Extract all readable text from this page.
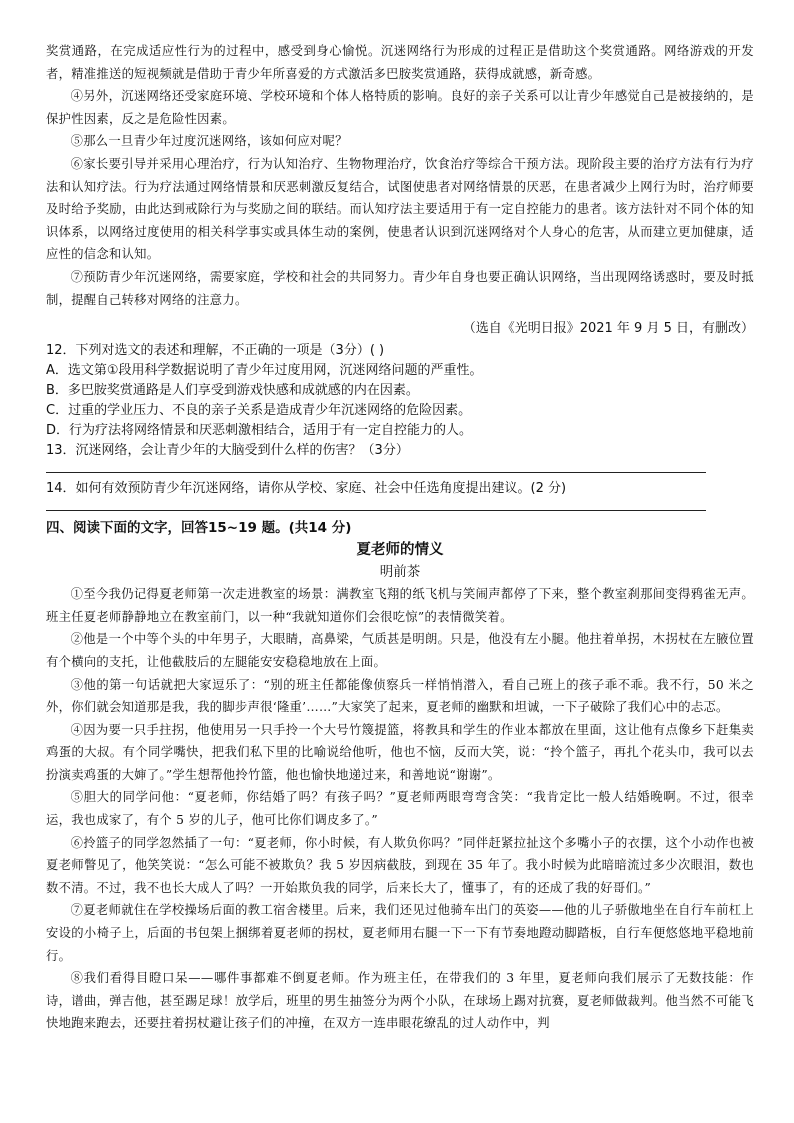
奖赏通路，在完成适应性行为的过程中，感受到身心愉悦。沉迷网络行为形成的过程正是借助这个奖赏通路。网络游戏的开发者，精准推送的短视频就是借助于青少年所喜爱的方式激活多巴胺奖赏通路，获得成就感，新奇感。

④另外，沉迷网络还受家庭环境、学校环境和个体人格特质的影响。良好的亲子关系可以让青少年感觉自己是被接纳的，是保护性因素，反之是危险性因素。

⑤那么一旦青少年过度沉迷网络，该如何应对呢？

⑥家长要引导并采用心理治疗，行为认知治疗、生物物理治疗，饮食治疗等综合干预方法。现阶段主要的治疗方法有行为疗法和认知疗法。行为疗法通过网络情景和厌恶刺激反复结合，试图使患者对网络情景的厌恶，在患者减少上网行为时，治疗师要及时给予奖励，由此达到戒除行为与奖励之间的联结。而认知疗法主要适用于有一定自控能力的患者。该方法针对不同个体的知识体系，以网络过度使用的相关科学事实或具体生动的案例，使患者认识到沉迷网络对个人身心的危害，从而建立更加健康，适应性的信念和认知。

⑦预防青少年沉迷网络，需要家庭，学校和社会的共同努力。青少年自身也要正确认识网络，当出现网络诱惑时，要及时抵制，提醒自己转移对网络的注意力。

（选自《光明日报》2021 年 9 月 5 日，有删改）

12．下列对选文的表述和理解，不正确的一项是（3分）( )

A．选文第①段用科学数据说明了青少年过度用网，沉迷网络问题的严重性。

B．多巴胺奖赏通路是人们享受到游戏快感和成就感的内在因素。

C．过重的学业压力、不良的亲子关系是造成青少年沉迷网络的危险因素。

D．行为疗法将网络情景和厌恶刺激相结合，适用于有一定自控能力的人。

13．沉迷网络，会让青少年的大脑受到什么样的伤害？（3分）

14．如何有效预防青少年沉迷网络，请你从学校、家庭、社会中任选角度提出建议。(2 分)

四、阅读下面的文字，回答15~19 题。(共14 分)

夏老师的情义

明前茶

①至今我仍记得夏老师第一次走进教室的场景：满教室飞翔的纸飞机与笑闹声都停了下来，整个教室刹那间变得鸦雀无声。班主任夏老师静静地立在教室前门，以一种“我就知道你们会很吃惊”的表情微笑着。

②他是一个中等个头的中年男子，大眼睛，高鼻梁，气质甚是明朗。只是，他没有左小腿。他拄着单拐，木拐杖在左腋位置有个横向的支托，让他截肢后的左腿能安安稳稳地放在上面。

③他的第一句话就把大家逗乐了：“别的班主任都能像侦察兵一样悄悄潜入，看自己班上的孩子乖不乖。我不行，50 米之外，你们就会知道那是我，我的脚步声很‘隆重’……”大家笑了起来，夏老师的幽默和坦诚，一下子破除了我们心中的忐忑。

④因为要一只手拄拐，他使用另一只手拎一个大号竹篾提篮，将教具和学生的作业本都放在里面，这让他有点像乡下赶集卖鸡蛋的大叔。有个同学嘴快，把我们私下里的比喻说给他听，他也不恼，反而大笑，说：“拎个篮子，再扎个花头巾，我可以去扮演卖鸡蛋的大婶了。”学生想帮他拎竹篮，他也愉快地递过来，和善地说“谢谢”。

⑤胆大的同学问他：“夏老师，你结婚了吗？有孩子吗？”夏老师两眼弯弯含笑：“我肯定比一般人结婚晚啊。不过，很幸运，我也成家了，有个 5 岁的儿子，他可比你们调皮多了。”

⑥拎篮子的同学忽然插了一句：“夏老师，你小时候，有人欺负你吗？”同伴赶紧拉扯这个多嘴小子的衣摆，这个小动作也被夏老师瞥见了，他笑笑说：“怎么可能不被欺负？我 5 岁因病截肢，到现在 35 年了。我小时候为此暗暗流过多少次眼泪，数也数不清。不过，我不也长大成人了吗？一开始欺负我的同学，后来长大了，懂事了，有的还成了我的好哥们。”

⑦夏老师就住在学校操场后面的教工宿舍楼里。后来，我们还见过他骑车出门的英姿——他的儿子骄傲地坐在自行车前杠上安设的小椅子上，后面的书包架上捆绑着夏老师的拐杖，夏老师用右腿一下一下有节奏地蹬动脚踏板，自行车便悠悠地平稳地前行。

⑧我们看得目瞪口呆——哪件事都难不倒夏老师。作为班主任，在带我们的 3 年里，夏老师向我们展示了无数技能：作诗，谱曲，弹吉他，甚至踢足球！放学后，班里的男生抽签分为两个小队，在球场上踢对抗赛，夏老师做裁判。他当然不可能飞快地跑来跑去，还要拄着拐杖避让孩子们的冲撞，在双方一连串眼花缭乱的过人动作中，判
